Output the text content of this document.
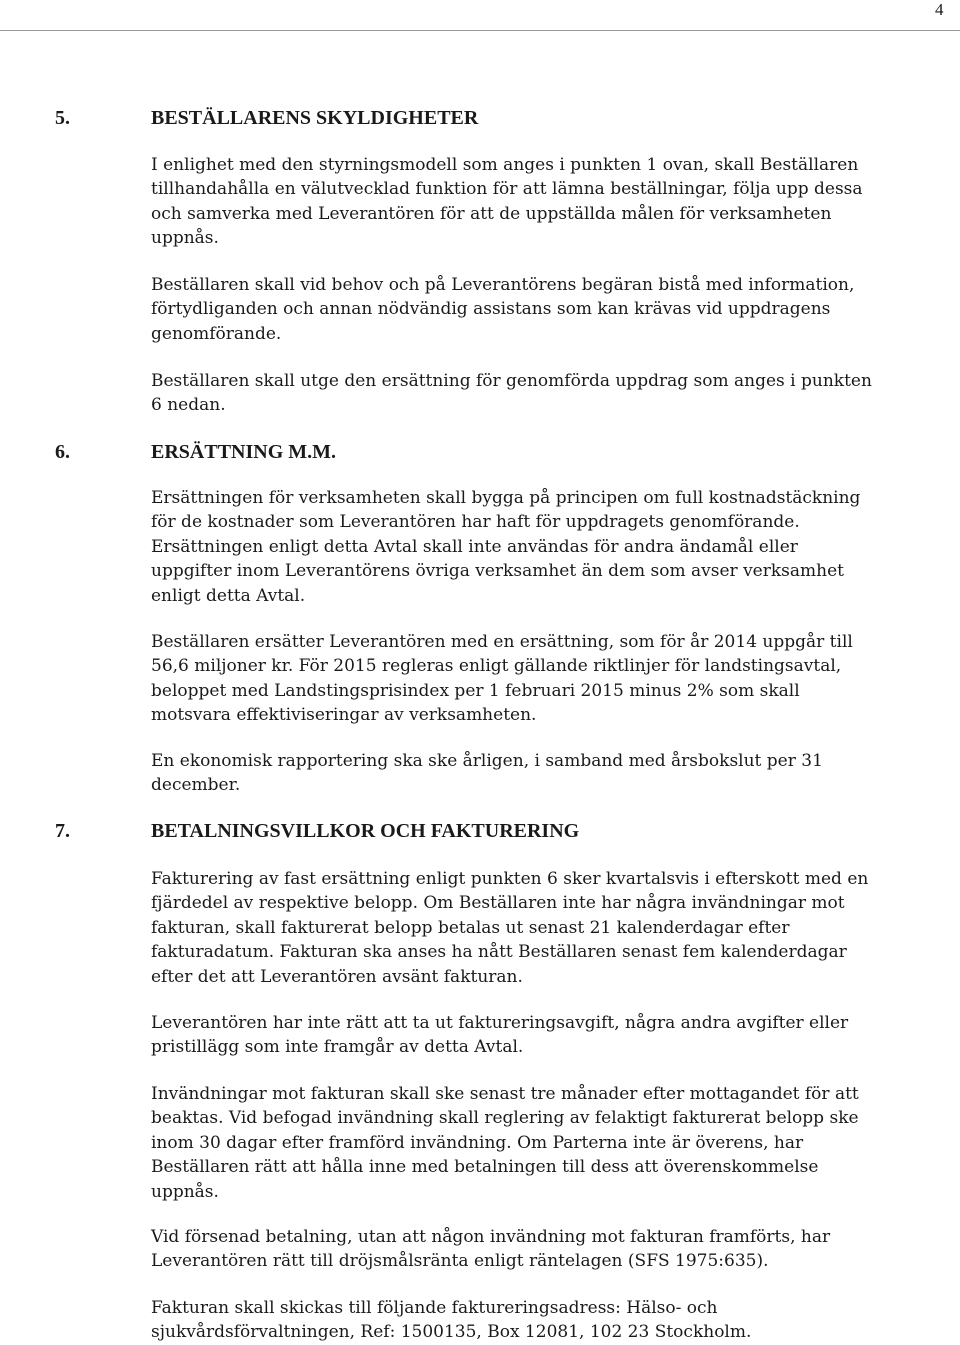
4
5.	BESTÄLLARENS SKYLDIGHETER
I enlighet med den styrningsmodell som anges i punkten 1 ovan, skall Beställaren
tillhandahålla en välutvecklad funktion för att lämna beställningar, följa upp dessa
och samverka med Leverantören för att de uppställda målen för verksamheten
uppnås.
Beställaren skall vid behov och på Leverantörens begäran bistå med information,
förtydliganden och annan nödvändig assistans som kan krävas vid uppdragens
genomförande.
Beställaren skall utge den ersättning för genomförda uppdrag som anges i punkten
6 nedan.
6.	ERSÄTTNING M.M.
Ersättningen för verksamheten skall bygga på principen om full kostnadstäckning
för de kostnader som Leverantören har haft för uppdragets genomförande.
Ersättningen enligt detta Avtal skall inte användas för andra ändamål eller
uppgifter inom Leverantörens övriga verksamhet än dem som avser verksamhet
enligt detta Avtal.
Beställaren ersätter Leverantören med en ersättning, som för år 2014 uppgår till
56,6 miljoner kr. För 2015 regleras enligt gällande riktlinjer för landstingsavtal,
beloppet med Landstingsprisindex per 1 februari 2015 minus 2% som skall
motsvara effektiviseringar av verksamheten.
En ekonomisk rapportering ska ske årligen, i samband med årsbokslut per 31
december.
7.	BETALNINGSVILLKOR OCH FAKTURERING
Fakturering av fast ersättning enligt punkten 6 sker kvartalsvis i efterskott med en
fjärdedel av respektive belopp. Om Beställaren inte har några invändningar mot
fakturan, skall fakturerat belopp betalas ut senast 21 kalenderdagar efter
fakturadatum. Fakturan ska anses ha nått Beställaren senast fem kalenderdagar
efter det att Leverantören avsänt fakturan.
Leverantören har inte rätt att ta ut faktureringsavgift, några andra avgifter eller
pristillägg som inte framgår av detta Avtal.
Invändningar mot fakturan skall ske senast tre månader efter mottagandet för att
beaktas. Vid befogad invändning skall reglering av felaktigt fakturerat belopp ske
inom 30 dagar efter framförd invändning. Om Parterna inte är överens, har
Beställaren rätt att hålla inne med betalningen till dess att överenskommelse
uppnås.
Vid försenad betalning, utan att någon invändning mot fakturan framförts, har
Leverantören rätt till dröjsmålsränta enligt räntelagen (SFS 1975:635).
Fakturan skall skickas till följande faktureringsadress: Hälso- och
sjukvårdsförvaltningen, Ref: 1500135, Box 12081, 102 23 Stockholm.
